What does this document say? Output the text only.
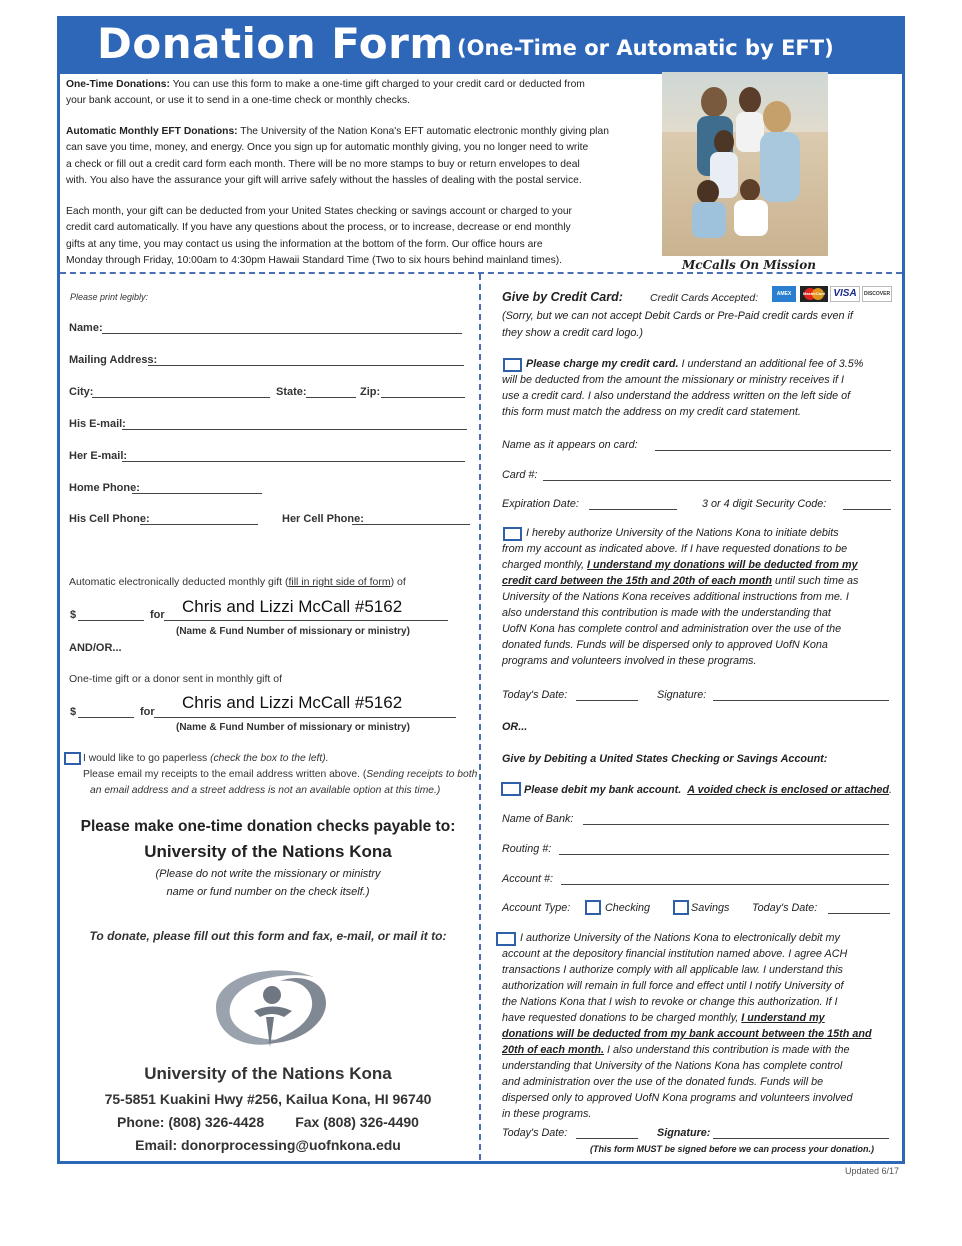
Donation Form (One-Time or Automatic by EFT)
One-Time Donations: You can use this form to make a one-time gift charged to your credit card or deducted from
your bank account, or use it to send in a one-time check or monthly checks.
Automatic Monthly EFT Donations: The University of the Nation Kona's EFT automatic electronic monthly giving plan
can save you time, money, and energy. Once you sign up for automatic monthly giving, you no longer need to write
a check or fill out a credit card form each month. There will be no more stamps to buy or return envelopes to deal
with. You also have the assurance your gift will arrive safely without the hassles of dealing with the postal service.
Each month, your gift can be deducted from your United States checking or savings account or charged to your
credit card automatically. If you have any questions about the process, or to increase, decrease or end monthly
gifts at any time, you may contact us using the information at the bottom of the form. Our office hours are
Monday through Friday, 10:00am to 4:30pm Hawaii Standard Time (Two to six hours behind mainland times).	McCalls On Mission
Please print legibly:
Name:
Mailing Address:
City:	State:	Zip:
His E-mail:
Her E-mail:
Home Phone:
His Cell Phone:	Her Cell Phone:
Automatic electronically deducted monthly gift (fill in right side of form) of
$	for Chris and Lizzi McCall #5162
(Name & Fund Number of missionary or ministry)
AND/OR...
One-time gift or a donor sent in monthly gift of
$	for Chris and Lizzi McCall #5162
(Name & Fund Number of missionary or ministry)
I would like to go paperless (check the box to the left).
Please email my receipts to the email address written above. (Sending receipts to both
an email address and a street address is not an available option at this time.)
Please make one-time donation checks payable to:
University of the Nations Kona
(Please do not write the missionary or ministry
name or fund number on the check itself.)
To donate, please fill out this form and fax, e-mail, or mail it to:
University of the Nations Kona
75-5851 Kuakini Hwy #256, Kailua Kona, HI 96740
Phone: (808) 326-4428        Fax (808) 326-4490
Email: donorprocessing@uofnkona.edu
Give by Credit Card:	Credit Cards Accepted:	AMEX	MasterCard VISA	DISCOVER
(Sorry, but we can not accept Debit Cards or Pre-Paid credit cards even if
they show a credit card logo.)
Please charge my credit card. I understand an additional fee of 3.5%
will be deducted from the amount the missionary or ministry receives if I
use a credit card. I also understand the address written on the left side of
this form must match the address on my credit card statement.
Name as it appears on card:
Card #:
Expiration Date:	3 or 4 digit Security Code:
I hereby authorize University of the Nations Kona to initiate debits
from my account as indicated above. If I have requested donations to be
charged monthly, I understand my donations will be deducted from my
credit card between the 15th and 20th of each month until such time as
University of the Nations Kona receives additional instructions from me. I
also understand this contribution is made with the understanding that
UofN Kona has complete control and administration over the use of the
donated funds. Funds will be dispersed only to approved UofN Kona
programs and volunteers involved in these programs.
Today's Date:	Signature:
OR...
Give by Debiting a United States Checking or Savings Account:
Please debit my bank account. A voided check is enclosed or attached.
Name of Bank:
Routing #:
Account #:
Account Type:	Checking	Savings Today's Date:
I authorize University of the Nations Kona to electronically debit my
account at the depository financial institution named above. I agree ACH
transactions I authorize comply with all applicable law. I understand this
authorization will remain in full force and effect until I notify University of
the Nations Kona that I wish to revoke or change this authorization. If I
have requested donations to be charged monthly, I understand my
donations will be deducted from my bank account between the 15th and
20th of each month. I also understand this contribution is made with the
understanding that University of the Nations Kona has complete control
and administration over the use of the donated funds. Funds will be
dispersed only to approved UofN Kona programs and volunteers involved
in these programs.
Today's Date:	Signature:
(This form MUST be signed before we can process your donation.)
Updated 6/17
